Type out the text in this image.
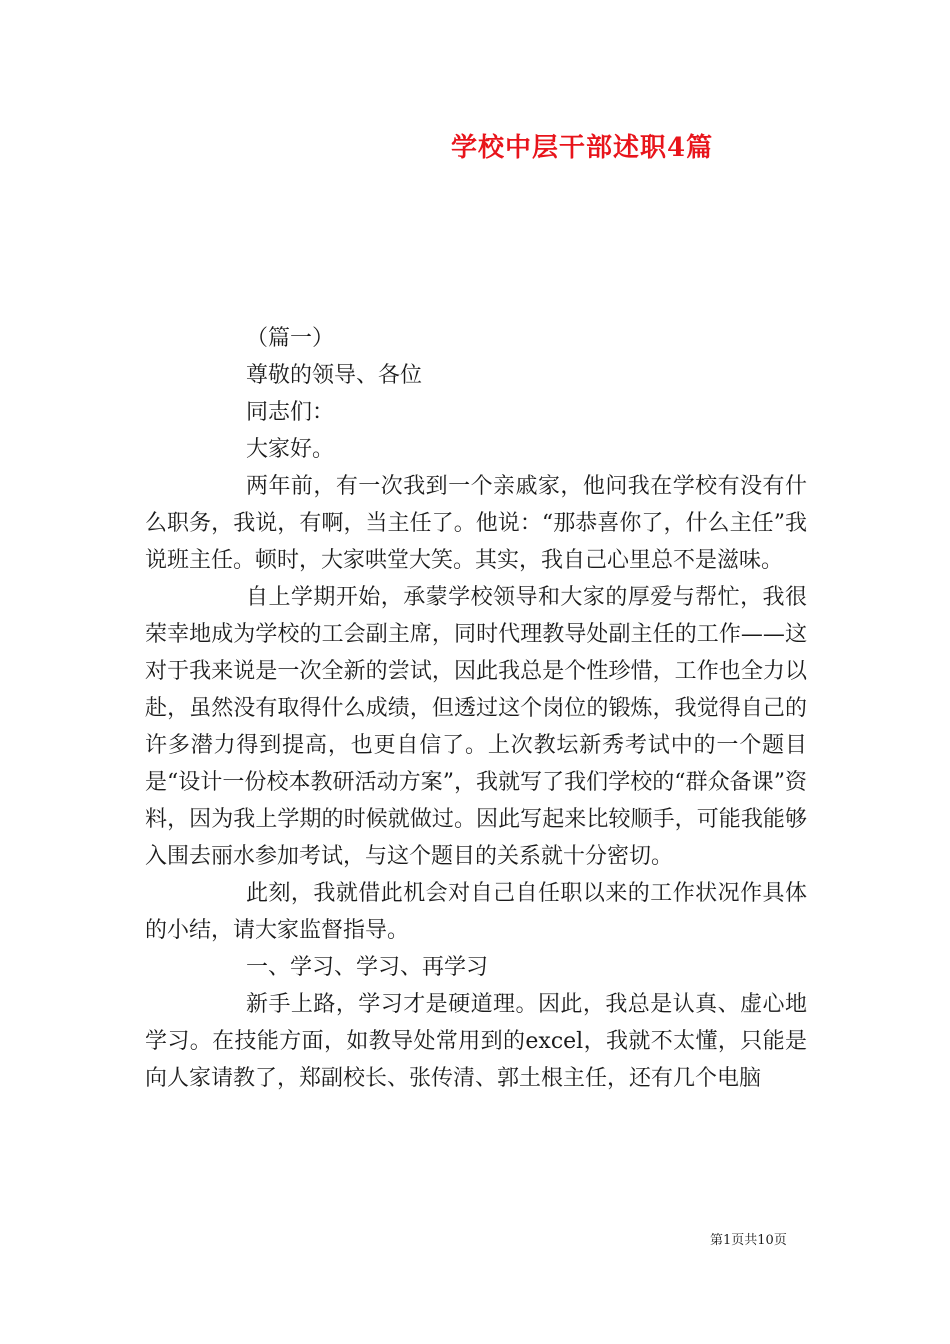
学校中层干部述职4篇

（篇一）

尊敬的领导、各位

同志们：

大家好。

两年前，有一次我到一个亲戚家，他问我在学校有没有什么职务，我说，有啊，当主任了。他说：“那恭喜你了，什么主任”我说班主任。顿时，大家哄堂大笑。其实，我自己心里总不是滋味。

自上学期开始，承蒙学校领导和大家的厚爱与帮忙，我很荣幸地成为学校的工会副主席，同时代理教导处副主任的工作——这对于我来说是一次全新的尝试，因此我总是个性珍惜，工作也全力以赴，虽然没有取得什么成绩，但透过这个岗位的锻炼，我觉得自己的许多潜力得到提高，也更自信了。上次教坛新秀考试中的一个题目是“设计一份校本教研活动方案”，我就写了我们学校的“群众备课”资料，因为我上学期的时候就做过。因此写起来比较顺手，可能我能够入围去丽水参加考试，与这个题目的关系就十分密切。

此刻，我就借此机会对自己自任职以来的工作状况作具体的小结，请大家监督指导。

一、学习、学习、再学习

新手上路，学习才是硬道理。因此，我总是认真、虚心地学习。在技能方面，如教导处常用到的excel，我就不太懂，只能是向人家请教了，郑副校长、张传清、郭土根主任，还有几个电脑

第1页共10页
